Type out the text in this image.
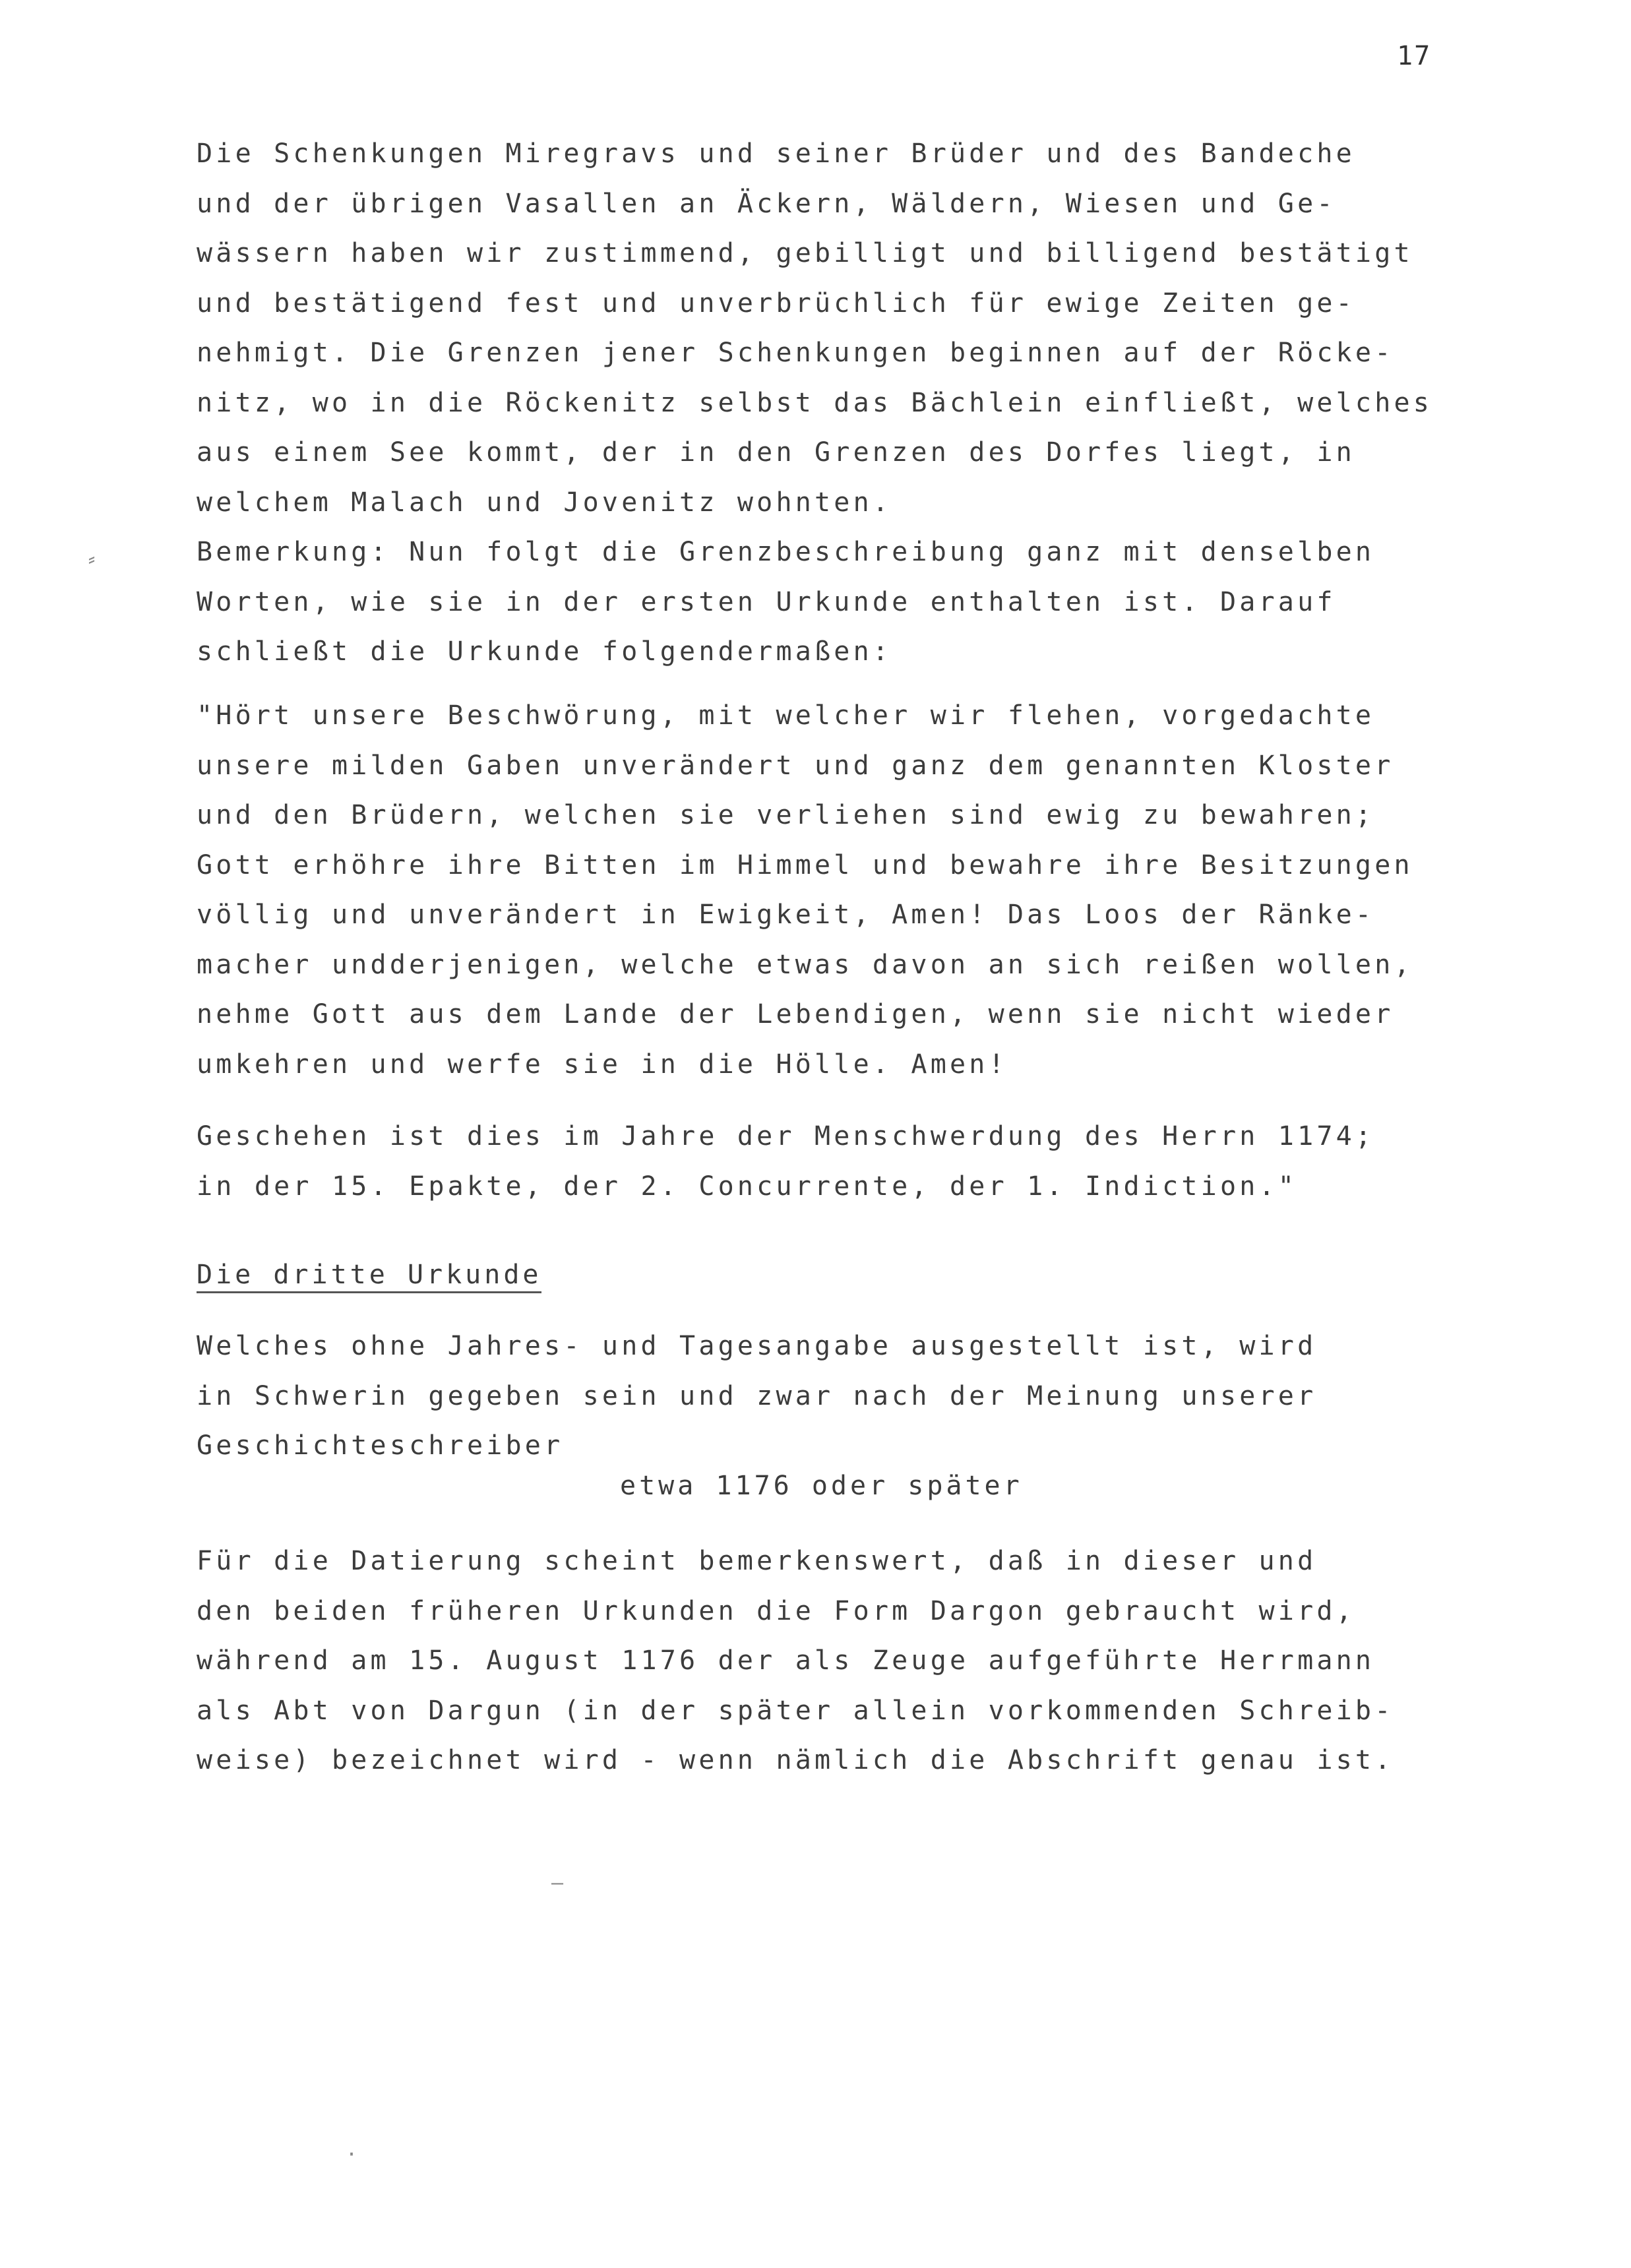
17
Die Schenkungen Miregravs und seiner Brüder und des Bandeche
und der übrigen Vasallen an Äckern, Wäldern, Wiesen und Ge-
wässern haben wir zustimmend, gebilligt und billigend bestätigt
und bestätigend fest und unverbrüchlich für ewige Zeiten ge-
nehmigt. Die Grenzen jener Schenkungen beginnen auf der Röcke-
nitz, wo in die Röckenitz selbst das Bächlein einfließt, welches
aus einem See kommt, der in den Grenzen des Dorfes liegt, in
welchem Malach und Jovenitz wohnten.
Bemerkung: Nun folgt die Grenzbeschreibung ganz mit denselben
Worten, wie sie in der ersten Urkunde enthalten ist. Darauf
schließt die Urkunde folgendermaßen:
"Hört unsere Beschwörung, mit welcher wir flehen, vorgedachte
unsere milden Gaben unverändert und ganz dem genannten Kloster
und den Brüdern, welchen sie verliehen sind ewig zu bewahren;
Gott erhöhre ihre Bitten im Himmel und bewahre ihre Besitzungen
völlig und unverändert in Ewigkeit, Amen! Das Loos der Ränke-
macher undderjenigen, welche etwas davon an sich reißen wollen,
nehme Gott aus dem Lande der Lebendigen, wenn sie nicht wieder
umkehren und werfe sie in die Hölle. Amen!
Geschehen ist dies im Jahre der Menschwerdung des Herrn 1174;
in der 15. Epakte, der 2. Concurrente, der 1. Indiction."
Die dritte Urkunde
Welches ohne Jahres- und Tagesangabe ausgestellt ist, wird
in Schwerin gegeben sein und zwar nach der Meinung unserer
Geschichteschreiber
etwa 1176 oder später
Für die Datierung scheint bemerkenswert, daß in dieser und
den beiden früheren Urkunden die Form Dargon gebraucht wird,
während am 15. August 1176 der als Zeuge aufgeführte Herrmann
als Abt von Dargun (in der später allein vorkommenden Schreib-
weise) bezeichnet wird - wenn nämlich die Abschrift genau ist.
⸗
–
·
